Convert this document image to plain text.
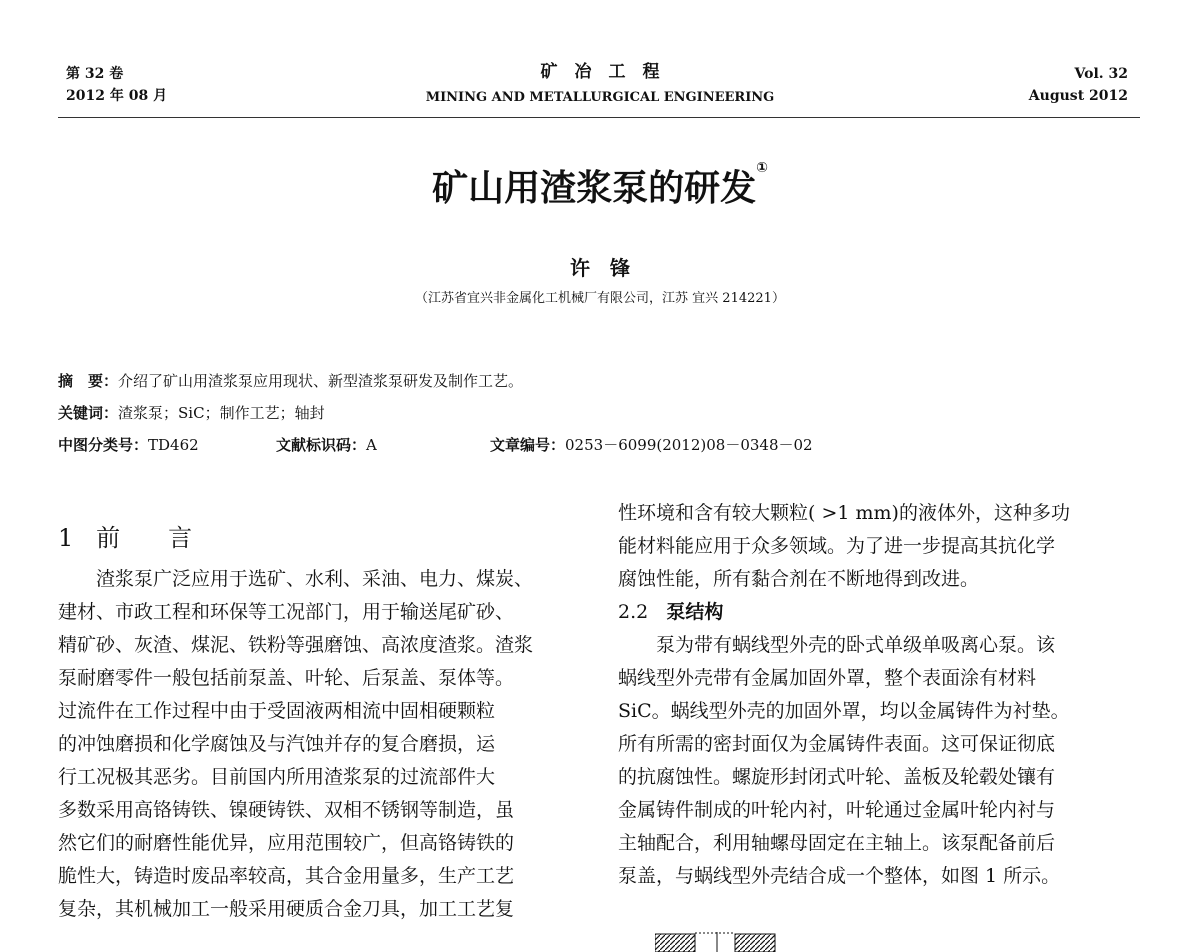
第 32 卷
2012 年 08 月
矿　冶　工　程
MINING AND METALLURGICAL ENGINEERING
Vol. 32
August 2012
矿山用渣浆泵的研发①
许　锋
（江苏省宜兴非金属化工机械厂有限公司，江苏 宜兴 214221）
摘　要：介绍了矿山用渣浆泵应用现状、新型渣浆泵研发及制作工艺。
关键词：渣浆泵；SiC；制作工艺；轴封
中图分类号：TD462	文献标识码：A	文章编号：0253－6099(2012)08－0348－02

1 前　　言

渣浆泵广泛应用于选矿、水利、采油、电力、煤炭、

建材、市政工程和环保等工况部门，用于输送尾矿砂、

精矿砂、灰渣、煤泥、铁粉等强磨蚀、高浓度渣浆。渣浆

泵耐磨零件一般包括前泵盖、叶轮、后泵盖、泵体等。

过流件在工作过程中由于受固液两相流中固相硬颗粒

的冲蚀磨损和化学腐蚀及与汽蚀并存的复合磨损，运

行工况极其恶劣。目前国内所用渣浆泵的过流部件大

多数采用高铬铸铁、镍硬铸铁、双相不锈钢等制造，虽

然它们的耐磨性能优异，应用范围较广，但高铬铸铁的

脆性大，铸造时废品率较高，其合金用量多，生产工艺

复杂，其机械加工一般采用硬质合金刀具，加工工艺复

性环境和含有较大颗粒( >1 mm)的液体外，这种多功

能材料能应用于众多领域。为了进一步提高其抗化学

腐蚀性能，所有黏合剂在不断地得到改进。

2.2 泵结构

泵为带有蜗线型外壳的卧式单级单吸离心泵。该

蜗线型外壳带有金属加固外罩，整个表面涂有材料

SiC。蜗线型外壳的加固外罩，均以金属铸件为衬垫。

所有所需的密封面仅为金属铸件表面。这可保证彻底

的抗腐蚀性。螺旋形封闭式叶轮、盖板及轮毂处镶有

金属铸件制成的叶轮内衬，叶轮通过金属叶轮内衬与

主轴配合，利用轴螺母固定在主轴上。该泵配备前后

泵盖，与蜗线型外壳结合成一个整体，如图 1 所示。
